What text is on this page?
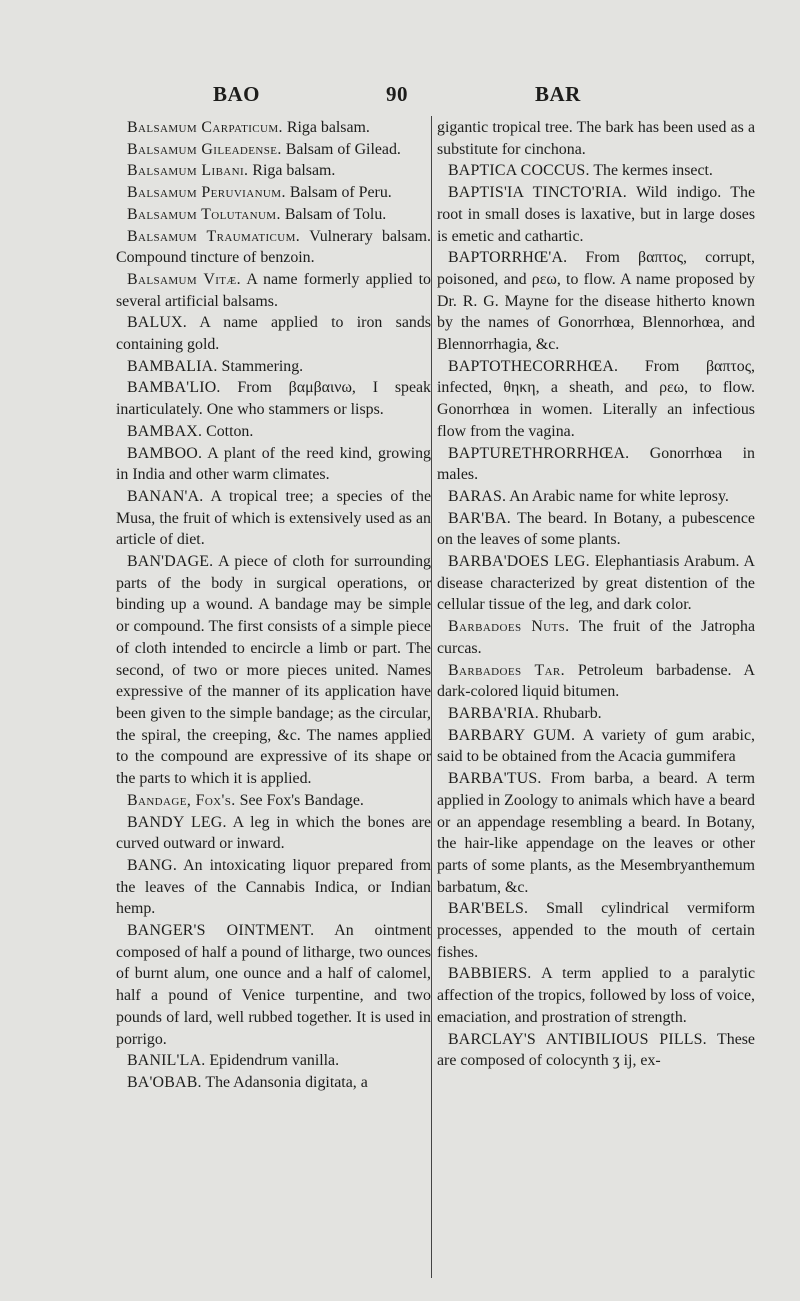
BAO	90	BAR

Balsamum Carpaticum. Riga balsam.

Balsamum Gileadense. Balsam of Gilead.

Balsamum Libani. Riga balsam.

Balsamum Peruvianum. Balsam of Peru.

Balsamum Tolutanum. Balsam of Tolu.

Balsamum Traumaticum. Vulnerary balsam. Compound tincture of benzoin.

Balsamum Vitæ. A name formerly applied to several artificial balsams.

BALUX. A name applied to iron sands containing gold.

BAMBALIA. Stammering.

BAMBA'LIO. From βαμβαινω, I speak inarticulately. One who stammers or lisps.

BAMBAX. Cotton.

BAMBOO. A plant of the reed kind, growing in India and other warm climates.

BANAN'A. A tropical tree; a species of the Musa, the fruit of which is extensively used as an article of diet.

BAN'DAGE. A piece of cloth for surrounding parts of the body in surgical operations, or binding up a wound. A bandage may be simple or compound. The first consists of a simple piece of cloth intended to encircle a limb or part. The second, of two or more pieces united. Names expressive of the manner of its application have been given to the simple bandage; as the circular, the spiral, the creeping, &c. The names applied to the compound are expressive of its shape or the parts to which it is applied.

Bandage, Fox's. See Fox's Bandage.

BANDY LEG. A leg in which the bones are curved outward or inward.

BANG. An intoxicating liquor prepared from the leaves of the Cannabis Indica, or Indian hemp.

BANGER'S OINTMENT. An ointment composed of half a pound of litharge, two ounces of burnt alum, one ounce and a half of calomel, half a pound of Venice turpentine, and two pounds of lard, well rubbed together. It is used in porrigo.

BANIL'LA. Epidendrum vanilla.

BA'OBAB. The Adansonia digitata, a

gigantic tropical tree. The bark has been used as a substitute for cinchona.

BAPTICA COCCUS. The kermes insect.

BAPTIS'IA TINCTO'RIA. Wild indigo. The root in small doses is laxative, but in large doses is emetic and cathartic.

BAPTORRHŒ'A. From βαπτος, corrupt, poisoned, and ρεω, to flow. A name proposed by Dr. R. G. Mayne for the disease hitherto known by the names of Gonorrhœa, Blennorhœa, and Blennorrhagia, &c.

BAPTOTHECORRHŒA. From βαπτος, infected, θηκη, a sheath, and ρεω, to flow. Gonorrhœa in women. Literally an infectious flow from the vagina.

BAPTURETHRORRHŒA. Gonorrhœa in males.

BARAS. An Arabic name for white leprosy.

BAR'BA. The beard. In Botany, a pubescence on the leaves of some plants.

BARBA'DOES LEG. Elephantiasis Arabum. A disease characterized by great distention of the cellular tissue of the leg, and dark color.

Barbadoes Nuts. The fruit of the Jatropha curcas.

Barbadoes Tar. Petroleum barbadense. A dark-colored liquid bitumen.

BARBA'RIA. Rhubarb.

BARBARY GUM. A variety of gum arabic, said to be obtained from the Acacia gummifera

BARBA'TUS. From barba, a beard. A term applied in Zoology to animals which have a beard or an appendage resembling a beard. In Botany, the hair-like appendage on the leaves or other parts of some plants, as the Mesembryanthemum barbatum, &c.

BAR'BELS. Small cylindrical vermiform processes, appended to the mouth of certain fishes.

BABBIERS. A term applied to a paralytic affection of the tropics, followed by loss of voice, emaciation, and prostration of strength.

BARCLAY'S ANTIBILIOUS PILLS. These are composed of colocynth ʒ ij, ex-
